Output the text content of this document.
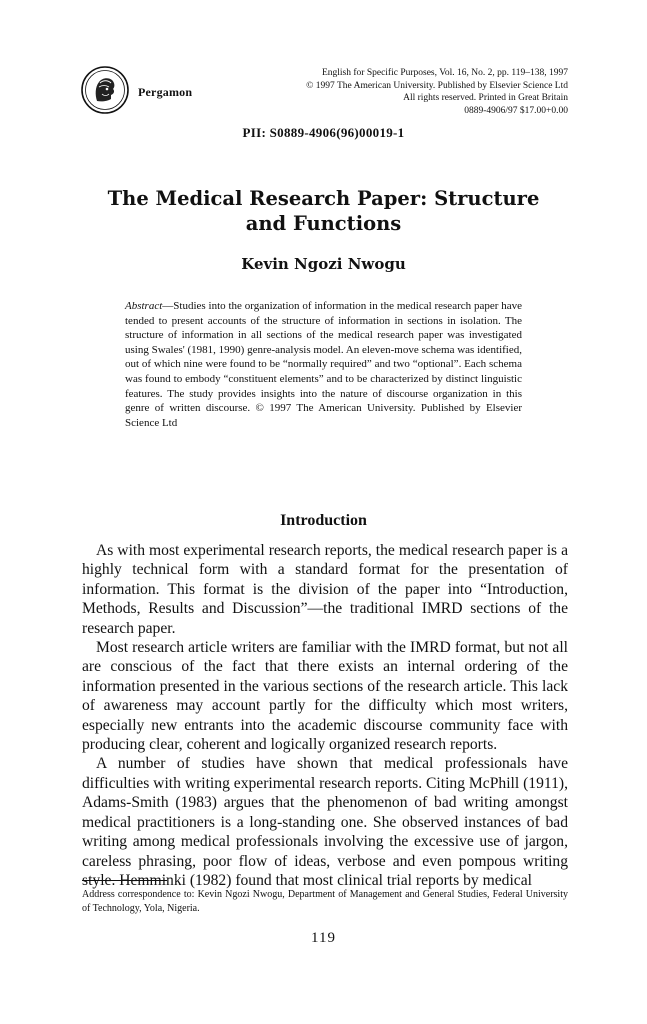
Pergamon
English for Specific Purposes, Vol. 16, No. 2, pp. 119–138, 1997
© 1997 The American University. Published by Elsevier Science Ltd
All rights reserved. Printed in Great Britain
0889-4906/97 $17.00+0.00
PII: S0889-4906(96)00019-1
The Medical Research Paper: Structure and Functions
Kevin Ngozi Nwogu
Abstract—Studies into the organization of information in the medical research paper have tended to present accounts of the structure of information in sections in isolation. The structure of information in all sections of the medical research paper was investigated using Swales' (1981, 1990) genre-analysis model. An eleven-move schema was identified, out of which nine were found to be “normally required” and two “optional”. Each schema was found to embody “constituent elements” and to be characterized by distinct linguistic features. The study provides insights into the nature of discourse organization in this genre of written discourse. © 1997 The American University. Published by Elsevier Science Ltd
Introduction

As with most experimental research reports, the medical research paper is a highly technical form with a standard format for the presentation of information. This format is the division of the paper into “Introduction, Methods, Results and Discussion”—the traditional IMRD sections of the research paper.

Most research article writers are familiar with the IMRD format, but not all are conscious of the fact that there exists an internal ordering of the information presented in the various sections of the research article. This lack of awareness may account partly for the difficulty which most writers, especially new entrants into the academic discourse community face with producing clear, coherent and logically organized research reports.

A number of studies have shown that medical professionals have difficulties with writing experimental research reports. Citing McPhill (1911), Adams-Smith (1983) argues that the phenomenon of bad writing amongst medical practitioners is a long-standing one. She observed instances of bad writing among medical professionals involving the excessive use of jargon, careless phrasing, poor flow of ideas, verbose and even pompous writing style. Hemminki (1982) found that most clinical trial reports by medical

Address correspondence to: Kevin Ngozi Nwogu, Department of Management and General Studies, Federal University of Technology, Yola, Nigeria.
119
